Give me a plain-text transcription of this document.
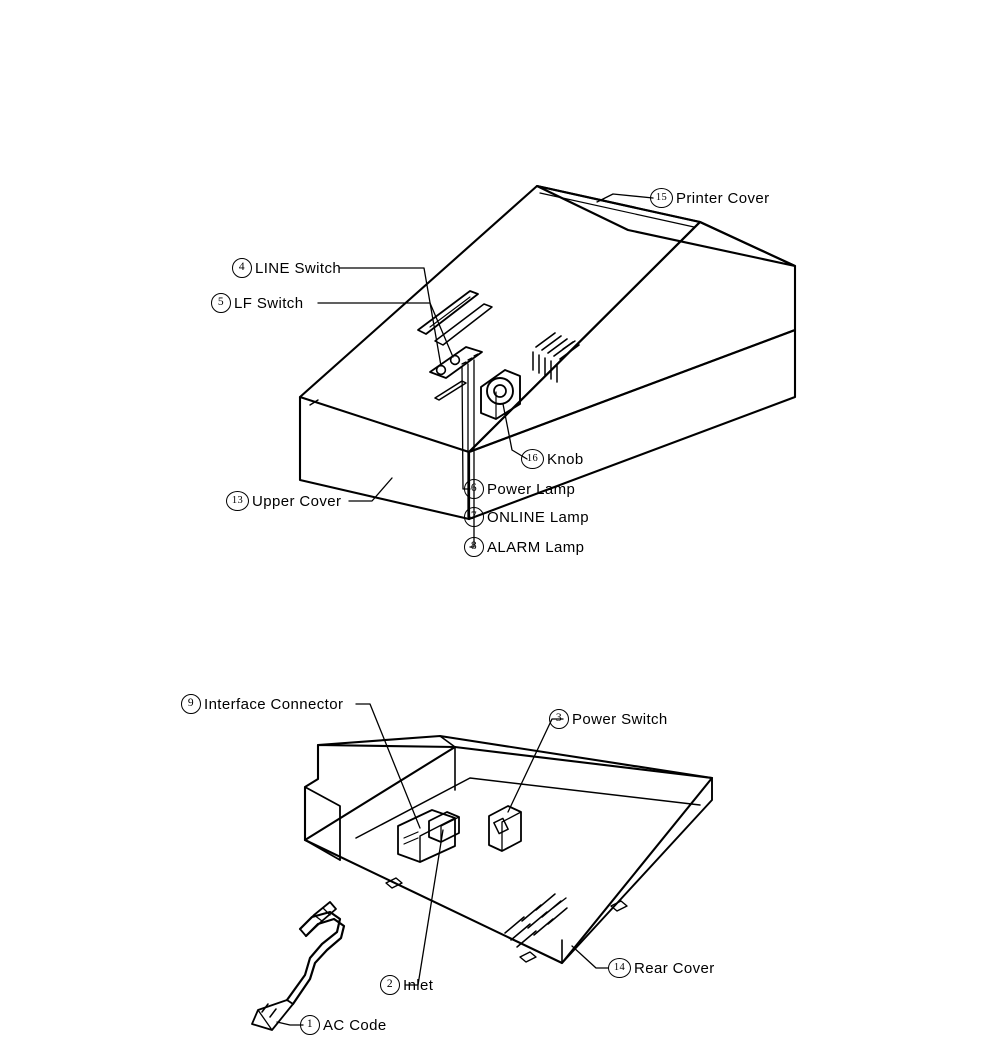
15 Printer Cover
4 LINE Switch
5 LF Switch
16 Knob
6 Power Lamp
7 ONLINE Lamp
8 ALARM Lamp
13 Upper Cover
9 Interface Connector
3 Power Switch
2 Inlet
14 Rear Cover
1 AC Code
